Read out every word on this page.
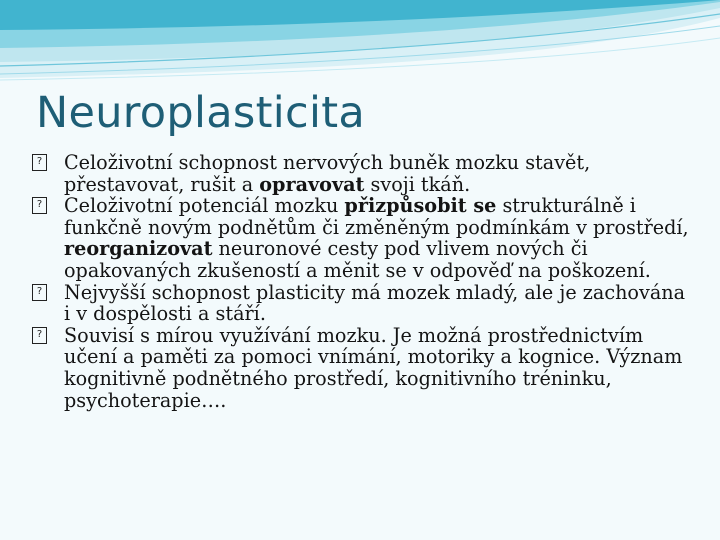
Neuroplasticita
? Celoživotní schopnost nervových buněk mozku stavět, přestavovat, rušit a opravovat svoji tkáň.
? Celoživotní potenciál mozku přizpůsobit se strukturálně i funkčně novým podnětům či změněným podmínkám v prostředí, reorganizovat neuronové cesty pod vlivem nových či opakovaných zkušeností a měnit se v odpověď na poškození.
? Nejvyšší schopnost plasticity má mozek mladý, ale je zachována i v dospělosti a stáří.
? Souvisí s mírou využívání mozku. Je možná prostřednictvím učení a paměti za pomoci vnímání, motoriky a kognice. Význam kognitivně podnětného prostředí, kognitivního tréninku, psychoterapie….
